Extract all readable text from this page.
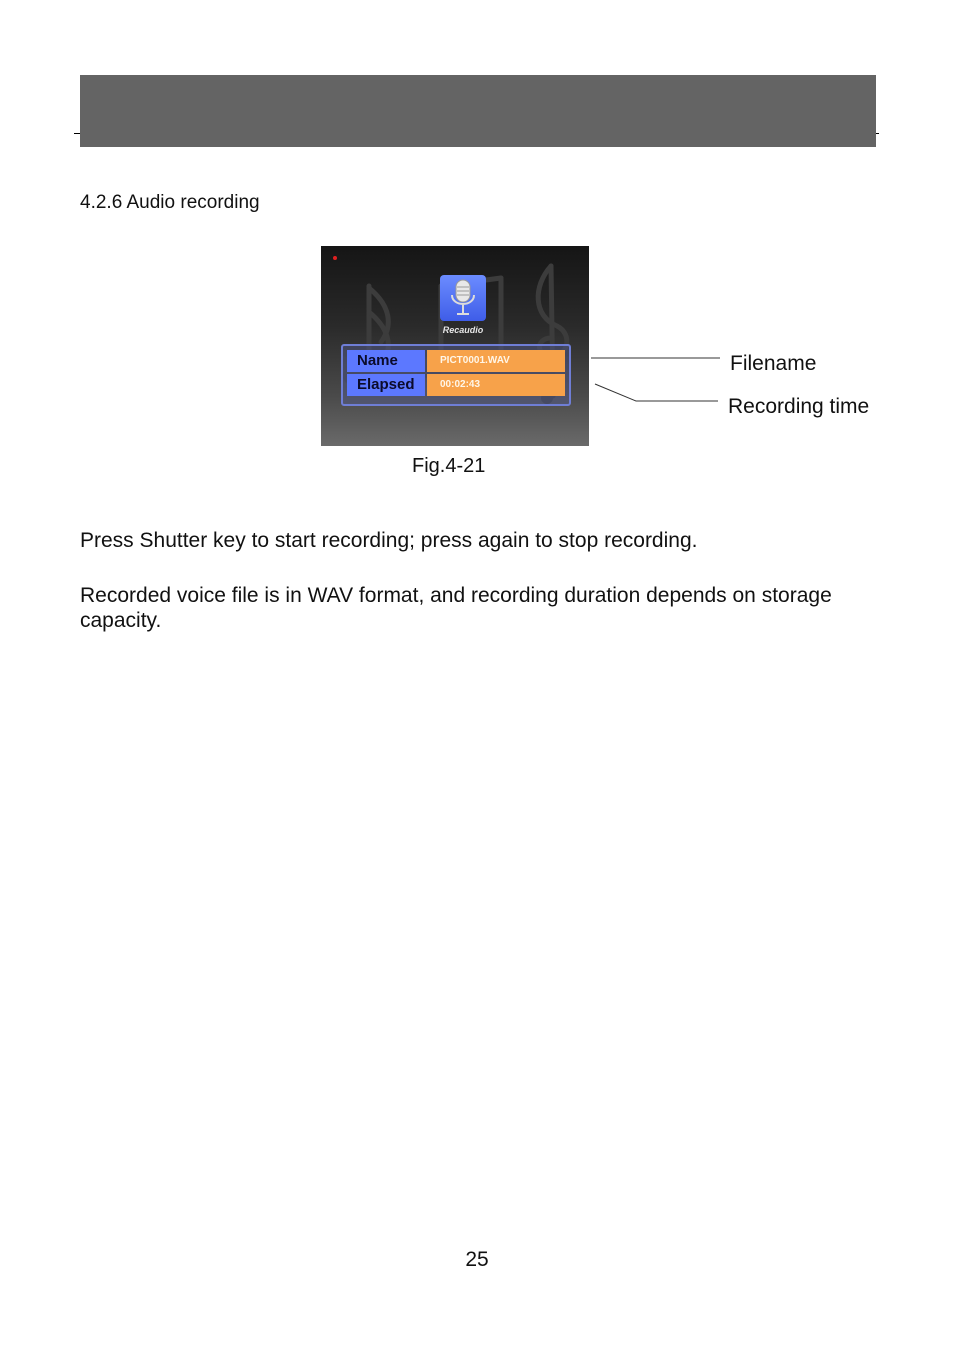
4.2.6 Audio recording
Recaudio
Name	PICT0001.WAV
Elapsed	00:02:43
Filename
Recording time
Fig.4-21
Press Shutter key to start recording; press again to stop recording.
Recorded voice file is in WAV format, and recording duration depends on storage capacity.
25
